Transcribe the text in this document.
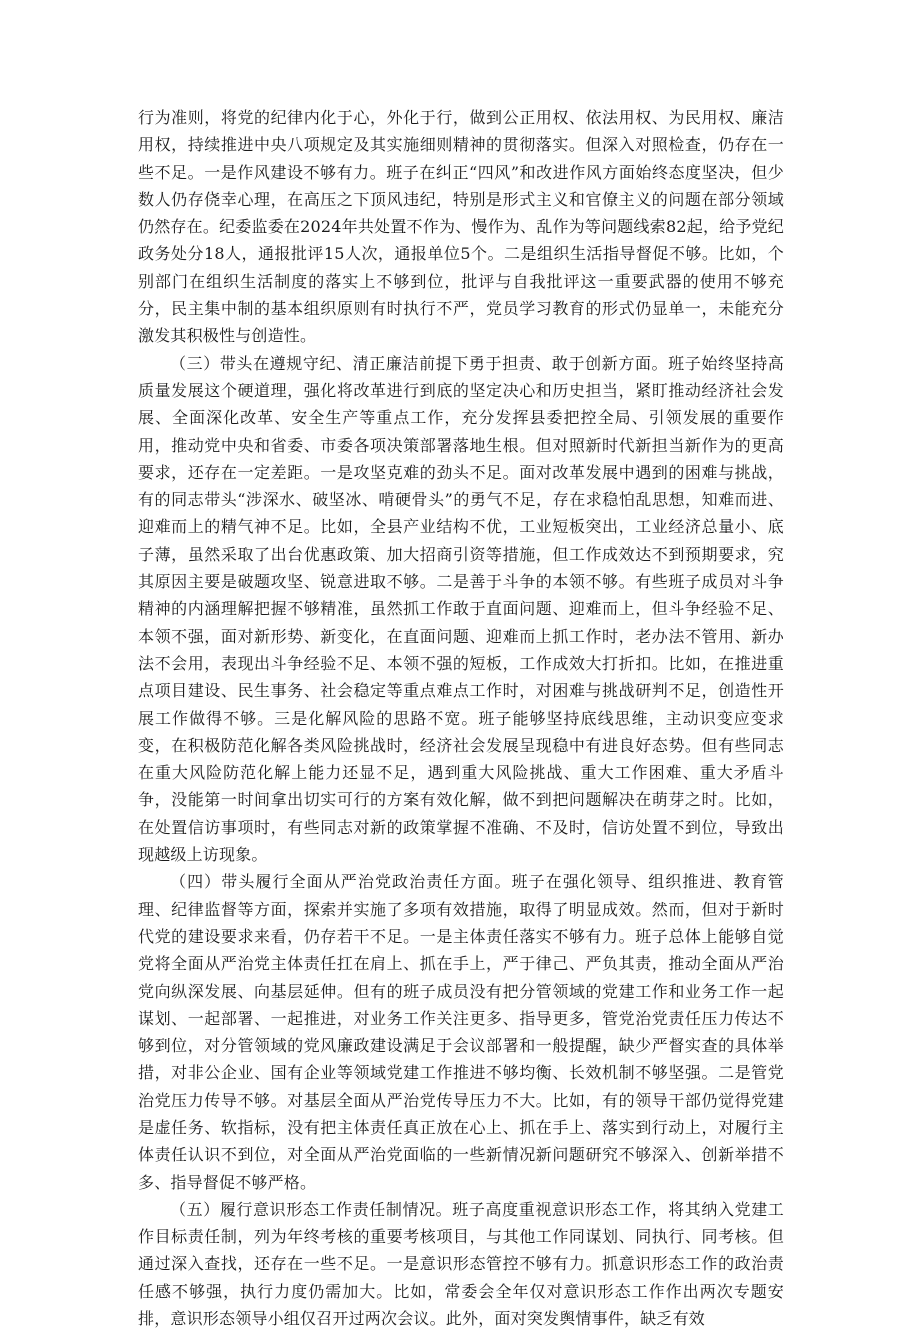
行为准则，将党的纪律内化于心，外化于行，做到公正用权、依法用权、为民用权、廉洁用权，持续推进中央八项规定及其实施细则精神的贯彻落实。但深入对照检查，仍存在一些不足。一是作风建设不够有力。班子在纠正“四风”和改进作风方面始终态度坚决，但少数人仍存侥幸心理，在高压之下顶风违纪，特别是形式主义和官僚主义的问题在部分领域仍然存在。纪委监委在2024年共处置不作为、慢作为、乱作为等问题线索82起，给予党纪政务处分18人，通报批评15人次，通报单位5个。二是组织生活指导督促不够。比如，个别部门在组织生活制度的落实上不够到位，批评与自我批评这一重要武器的使用不够充分，民主集中制的基本组织原则有时执行不严，党员学习教育的形式仍显单一，未能充分激发其积极性与创造性。

（三）带头在遵规守纪、清正廉洁前提下勇于担责、敢于创新方面。班子始终坚持高质量发展这个硬道理，强化将改革进行到底的坚定决心和历史担当，紧盯推动经济社会发展、全面深化改革、安全生产等重点工作，充分发挥县委把控全局、引领发展的重要作用，推动党中央和省委、市委各项决策部署落地生根。但对照新时代新担当新作为的更高要求，还存在一定差距。一是攻坚克难的劲头不足。面对改革发展中遇到的困难与挑战，有的同志带头“涉深水、破坚冰、啃硬骨头”的勇气不足，存在求稳怕乱思想，知难而进、迎难而上的精气神不足。比如，全县产业结构不优，工业短板突出，工业经济总量小、底子薄，虽然采取了出台优惠政策、加大招商引资等措施，但工作成效达不到预期要求，究其原因主要是破题攻坚、锐意进取不够。二是善于斗争的本领不够。有些班子成员对斗争精神的内涵理解把握不够精准，虽然抓工作敢于直面问题、迎难而上，但斗争经验不足、本领不强，面对新形势、新变化，在直面问题、迎难而上抓工作时，老办法不管用、新办法不会用，表现出斗争经验不足、本领不强的短板，工作成效大打折扣。比如，在推进重点项目建设、民生事务、社会稳定等重点难点工作时，对困难与挑战研判不足，创造性开展工作做得不够。三是化解风险的思路不宽。班子能够坚持底线思维，主动识变应变求变，在积极防范化解各类风险挑战时，经济社会发展呈现稳中有进良好态势。但有些同志在重大风险防范化解上能力还显不足，遇到重大风险挑战、重大工作困难、重大矛盾斗争，没能第一时间拿出切实可行的方案有效化解，做不到把问题解决在萌芽之时。比如，在处置信访事项时，有些同志对新的政策掌握不准确、不及时，信访处置不到位，导致出现越级上访现象。

（四）带头履行全面从严治党政治责任方面。班子在强化领导、组织推进、教育管理、纪律监督等方面，探索并实施了多项有效措施，取得了明显成效。然而，但对于新时代党的建设要求来看，仍存若干不足。一是主体责任落实不够有力。班子总体上能够自觉党将全面从严治党主体责任扛在肩上、抓在手上，严于律己、严负其责，推动全面从严治党向纵深发展、向基层延伸。但有的班子成员没有把分管领域的党建工作和业务工作一起谋划、一起部署、一起推进，对业务工作关注更多、指导更多，管党治党责任压力传达不够到位，对分管领域的党风廉政建设满足于会议部署和一般提醒，缺少严督实查的具体举措，对非公企业、国有企业等领域党建工作推进不够均衡、长效机制不够坚强。二是管党治党压力传导不够。对基层全面从严治党传导压力不大。比如，有的领导干部仍觉得党建是虚任务、软指标，没有把主体责任真正放在心上、抓在手上、落实到行动上，对履行主体责任认识不到位，对全面从严治党面临的一些新情况新问题研究不够深入、创新举措不多、指导督促不够严格。

（五）履行意识形态工作责任制情况。班子高度重视意识形态工作，将其纳入党建工作目标责任制，列为年终考核的重要考核项目，与其他工作同谋划、同执行、同考核。但通过深入查找，还存在一些不足。一是意识形态管控不够有力。抓意识形态工作的政治责任感不够强，执行力度仍需加大。比如，常委会全年仅对意识形态工作作出两次专题安排，意识形态领导小组仅召开过两次会议。此外，面对突发舆情事件，缺乏有效
